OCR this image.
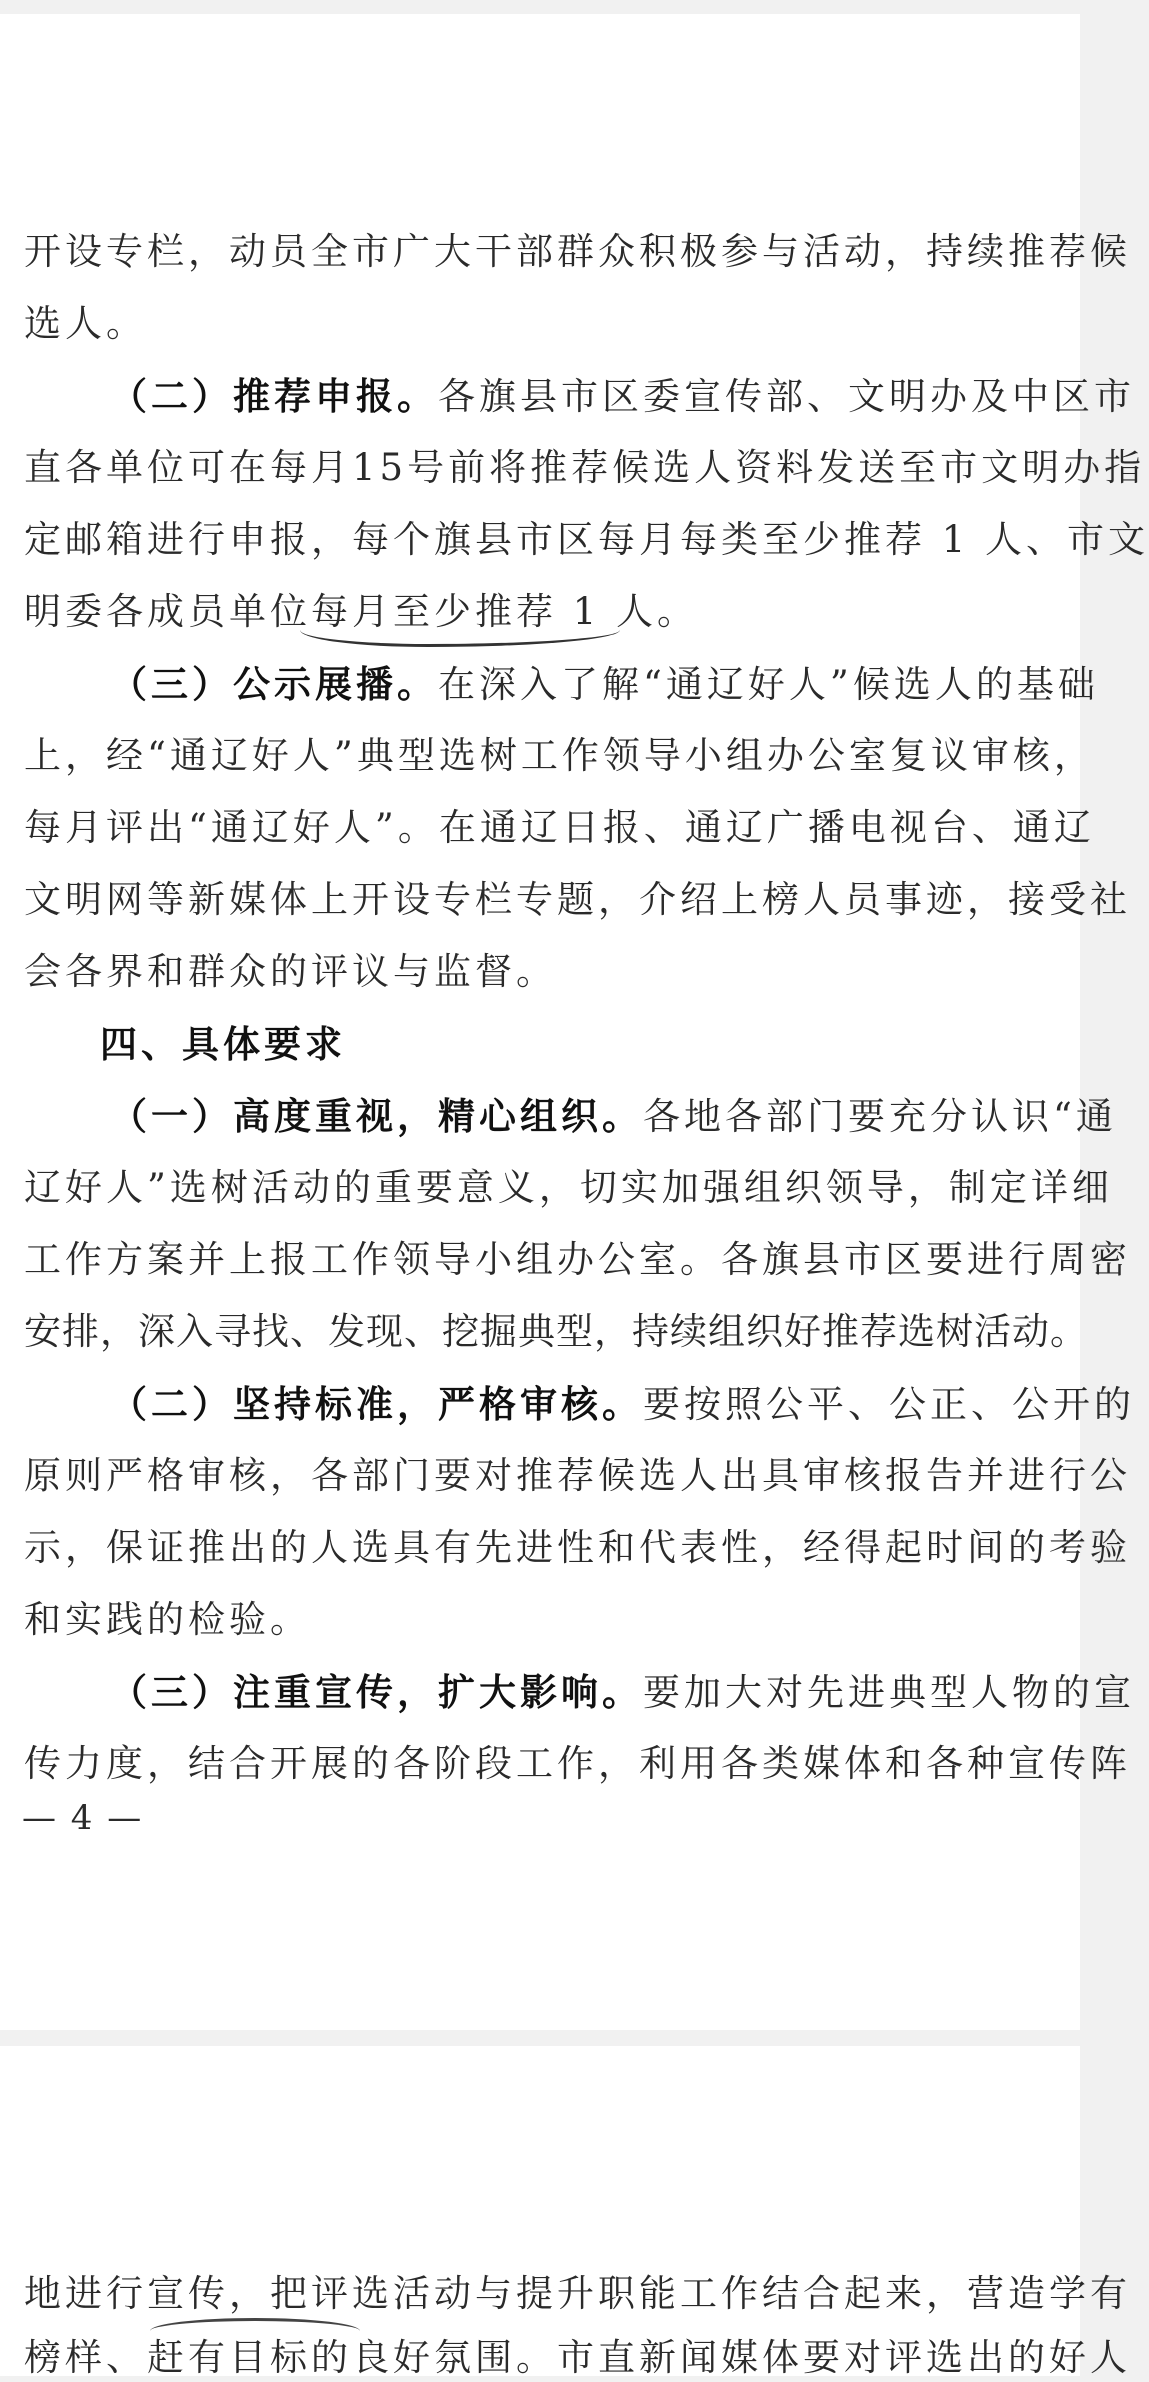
开设专栏，动员全市广大干部群众积极参与活动，持续推荐候
选人。
（二）推荐申报。各旗县市区委宣传部、文明办及中区市
直各单位可在每月15号前将推荐候选人资料发送至市文明办指
定邮箱进行申报，每个旗县市区每月每类至少推荐 1 人、市文
明委各成员单位每月至少推荐 1 人。
（三）公示展播。在深入了解“通辽好人”候选人的基础
上，经“通辽好人”典型选树工作领导小组办公室复议审核，
每月评出“通辽好人”。在通辽日报、通辽广播电视台、通辽
文明网等新媒体上开设专栏专题，介绍上榜人员事迹，接受社
会各界和群众的评议与监督。
四、具体要求
（一）高度重视，精心组织。各地各部门要充分认识“通
辽好人”选树活动的重要意义，切实加强组织领导，制定详细
工作方案并上报工作领导小组办公室。各旗县市区要进行周密
安排，深入寻找、发现、挖掘典型，持续组织好推荐选树活动。
（二）坚持标准，严格审核。要按照公平、公正、公开的
原则严格审核，各部门要对推荐候选人出具审核报告并进行公
示，保证推出的人选具有先进性和代表性，经得起时间的考验
和实践的检验。
（三）注重宣传，扩大影响。要加大对先进典型人物的宣
传力度，结合开展的各阶段工作，利用各类媒体和各种宣传阵
— 4 —
地进行宣传，把评选活动与提升职能工作结合起来，营造学有
榜样、赶有目标的良好氛围。市直新闻媒体要对评选出的好人
